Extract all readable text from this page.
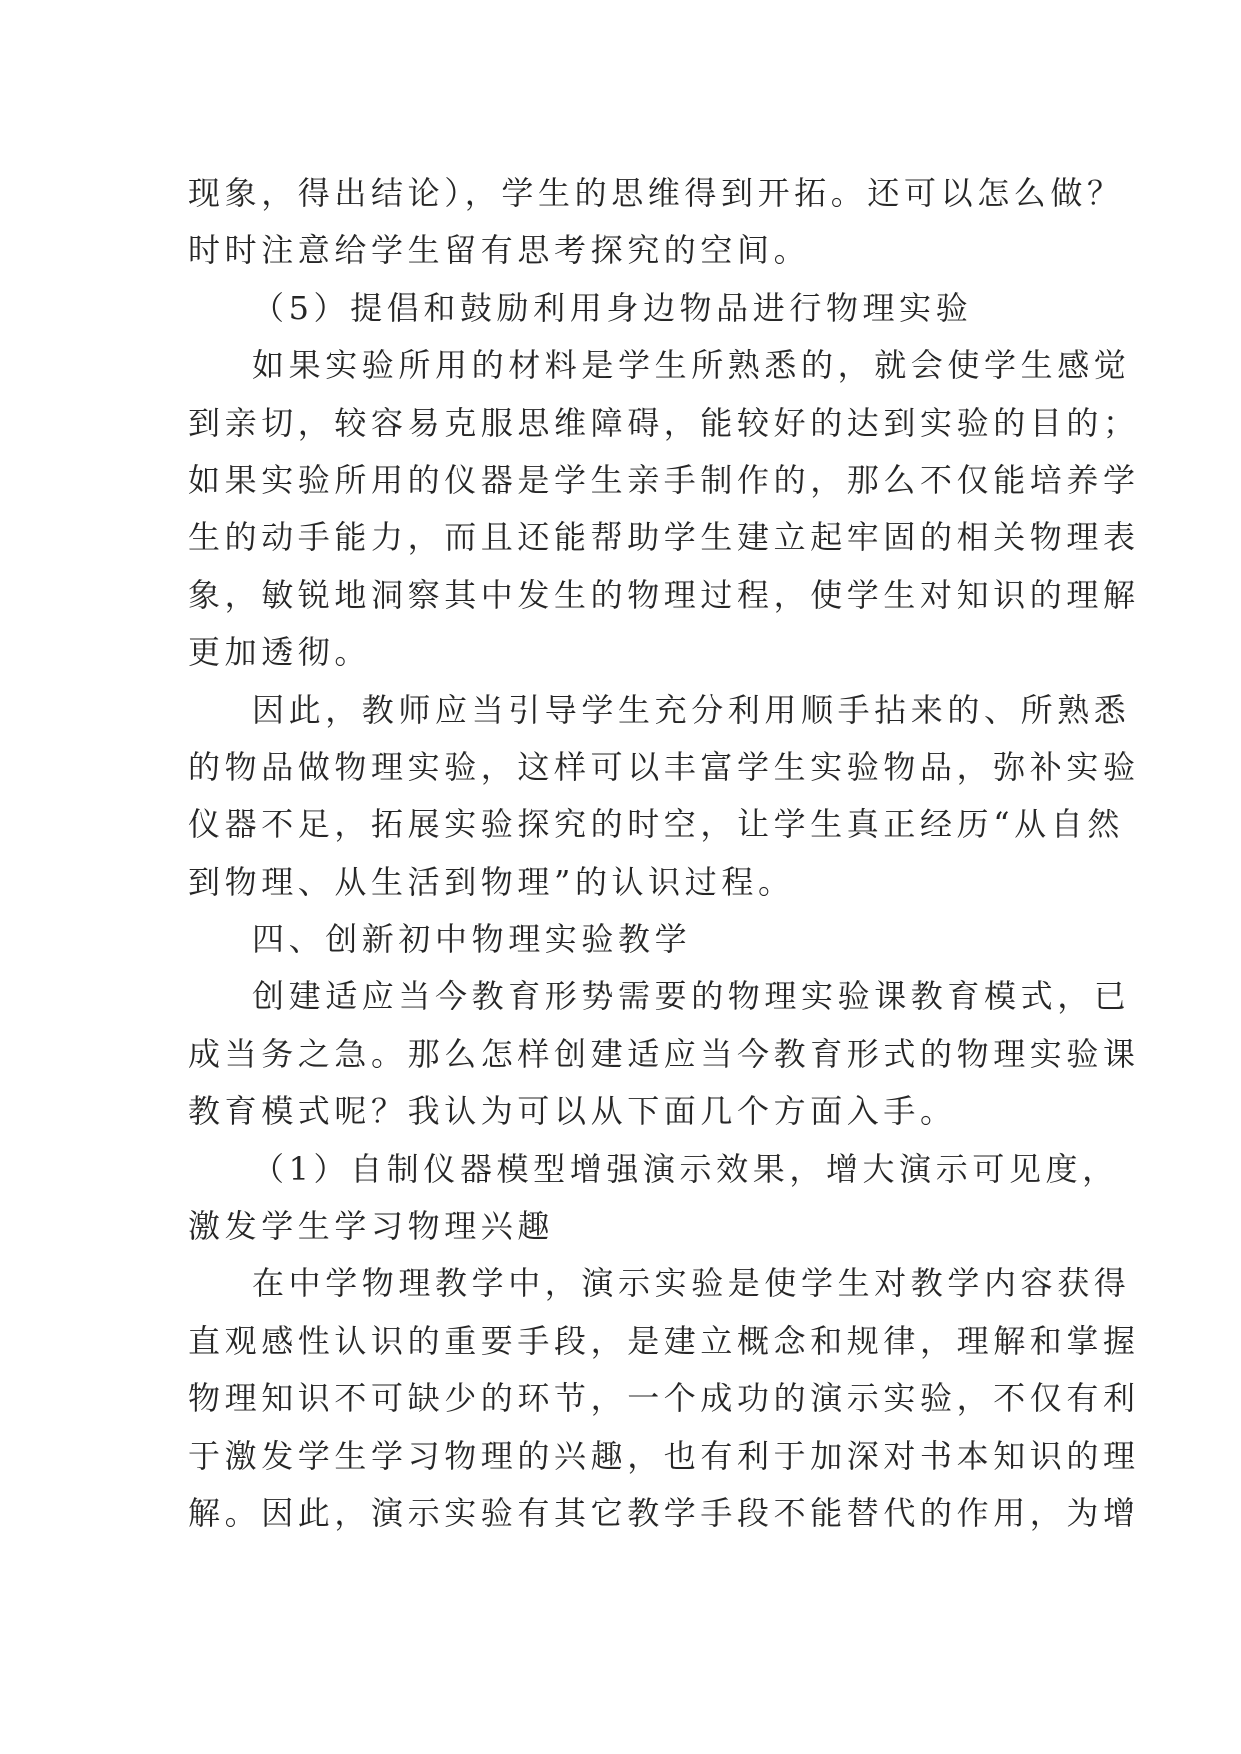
现象，得出结论），学生的思维得到开拓。还可以怎么做？
时时注意给学生留有思考探究的空间。
（5）提倡和鼓励利用身边物品进行物理实验
如果实验所用的材料是学生所熟悉的，就会使学生感觉
到亲切，较容易克服思维障碍，能较好的达到实验的目的；
如果实验所用的仪器是学生亲手制作的，那么不仅能培养学
生的动手能力，而且还能帮助学生建立起牢固的相关物理表
象，敏锐地洞察其中发生的物理过程，使学生对知识的理解
更加透彻。
因此，教师应当引导学生充分利用顺手拈来的、所熟悉
的物品做物理实验，这样可以丰富学生实验物品，弥补实验
仪器不足，拓展实验探究的时空，让学生真正经历“从自然
到物理、从生活到物理”的认识过程。
四、创新初中物理实验教学
创建适应当今教育形势需要的物理实验课教育模式，已
成当务之急。那么怎样创建适应当今教育形式的物理实验课
教育模式呢？我认为可以从下面几个方面入手。
（1）自制仪器模型增强演示效果，增大演示可见度，
激发学生学习物理兴趣
在中学物理教学中，演示实验是使学生对教学内容获得
直观感性认识的重要手段，是建立概念和规律，理解和掌握
物理知识不可缺少的环节，一个成功的演示实验，不仅有利
于激发学生学习物理的兴趣，也有利于加深对书本知识的理
解。因此，演示实验有其它教学手段不能替代的作用，为增
